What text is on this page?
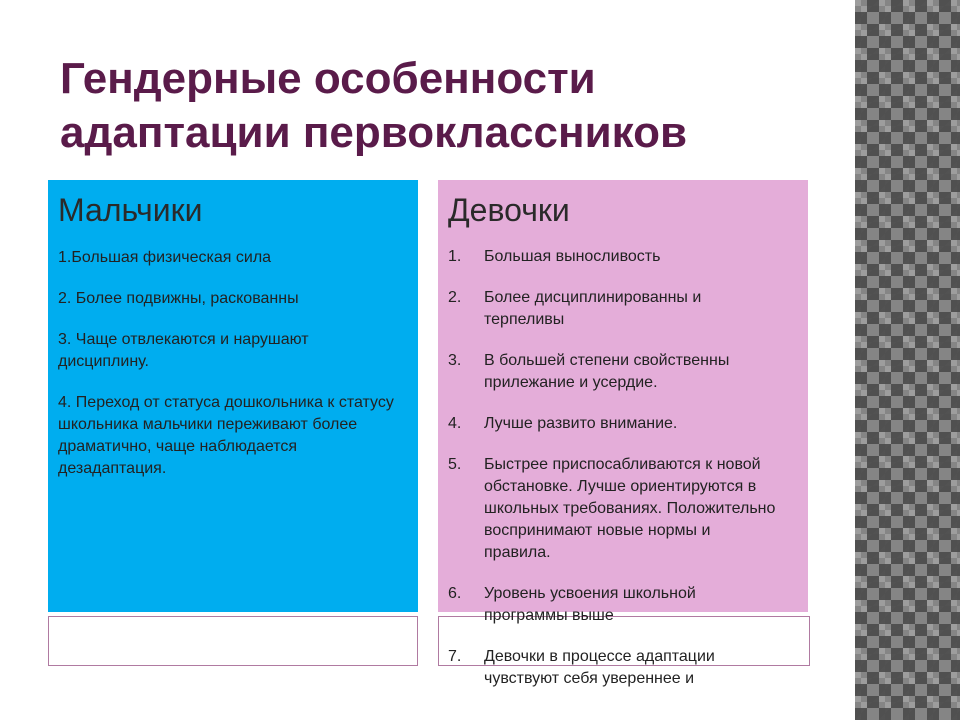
Гендерные особенности
адаптации первоклассников
Мальчики	Девочки
1.Большая физическая сила
2. Более подвижны, раскованны
3. Чаще отвлекаются и нарушают дисциплину.
4. Переход от статуса дошкольника к статусу школьника мальчики переживают более драматично, чаще наблюдается дезадаптация.
1. Большая выносливость
2. Более дисциплинированны и терпеливы
3. В большей степени свойственны прилежание и усердие.
4. Лучше развито внимание.
5. Быстрее приспосабливаются к новой обстановке. Лучше ориентируются в школьных требованиях. Положительно воспринимают новые нормы и правила.
6. Уровень усвоения школьной программы выше
7. Девочки в процессе адаптации чувствуют себя увереннее и
